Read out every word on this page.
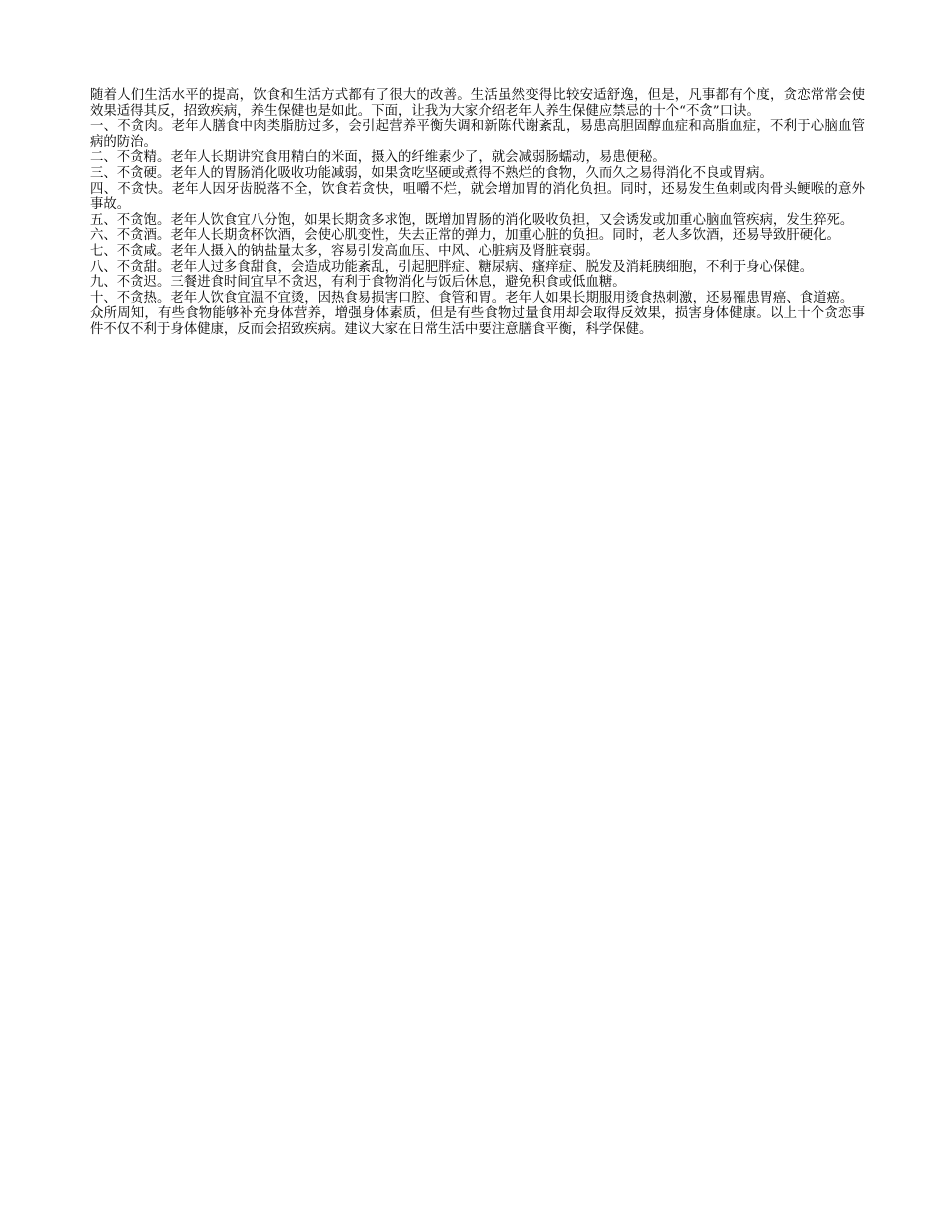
随着人们生活水平的提高，饮食和生活方式都有了很大的改善。生活虽然变得比较安适舒逸，但是，凡事都有个度，贪恋常常会使效果适得其反，招致疾病，养生保健也是如此。下面，让我为大家介绍老年人养生保健应禁忌的十个“不贪”口诀。

一、不贪肉。老年人膳食中肉类脂肪过多，会引起营养平衡失调和新陈代谢紊乱，易患高胆固醇血症和高脂血症，不利于心脑血管病的防治。

二、不贪精。老年人长期讲究食用精白的米面，摄入的纤维素少了，就会减弱肠蠕动，易患便秘。

三、不贪硬。老年人的胃肠消化吸收功能减弱，如果贪吃坚硬或煮得不熟烂的食物，久而久之易得消化不良或胃病。

四、不贪快。老年人因牙齿脱落不全，饮食若贪快，咀嚼不烂，就会增加胃的消化负担。同时，还易发生鱼刺或肉骨头鲠喉的意外事故。

五、不贪饱。老年人饮食宜八分饱，如果长期贪多求饱，既增加胃肠的消化吸收负担，又会诱发或加重心脑血管疾病，发生猝死。

六、不贪酒。老年人长期贪杯饮酒，会使心肌变性，失去正常的弹力，加重心脏的负担。同时，老人多饮酒，还易导致肝硬化。

七、不贪咸。老年人摄入的钠盐量太多，容易引发高血压、中风、心脏病及肾脏衰弱。

八、不贪甜。老年人过多食甜食，会造成功能紊乱，引起肥胖症、糖尿病、瘙痒症、脱发及消耗胰细胞，不利于身心保健。

九、不贪迟。三餐进食时间宜早不贪迟，有利于食物消化与饭后休息，避免积食或低血糖。

十、不贪热。老年人饮食宜温不宜烫，因热食易损害口腔、食管和胃。老年人如果长期服用烫食热刺激，还易罹患胃癌、食道癌。

众所周知，有些食物能够补充身体营养，增强身体素质，但是有些食物过量食用却会取得反效果，损害身体健康。以上十个贪恋事件不仅不利于身体健康，反而会招致疾病。建议大家在日常生活中要注意膳食平衡，科学保健。
